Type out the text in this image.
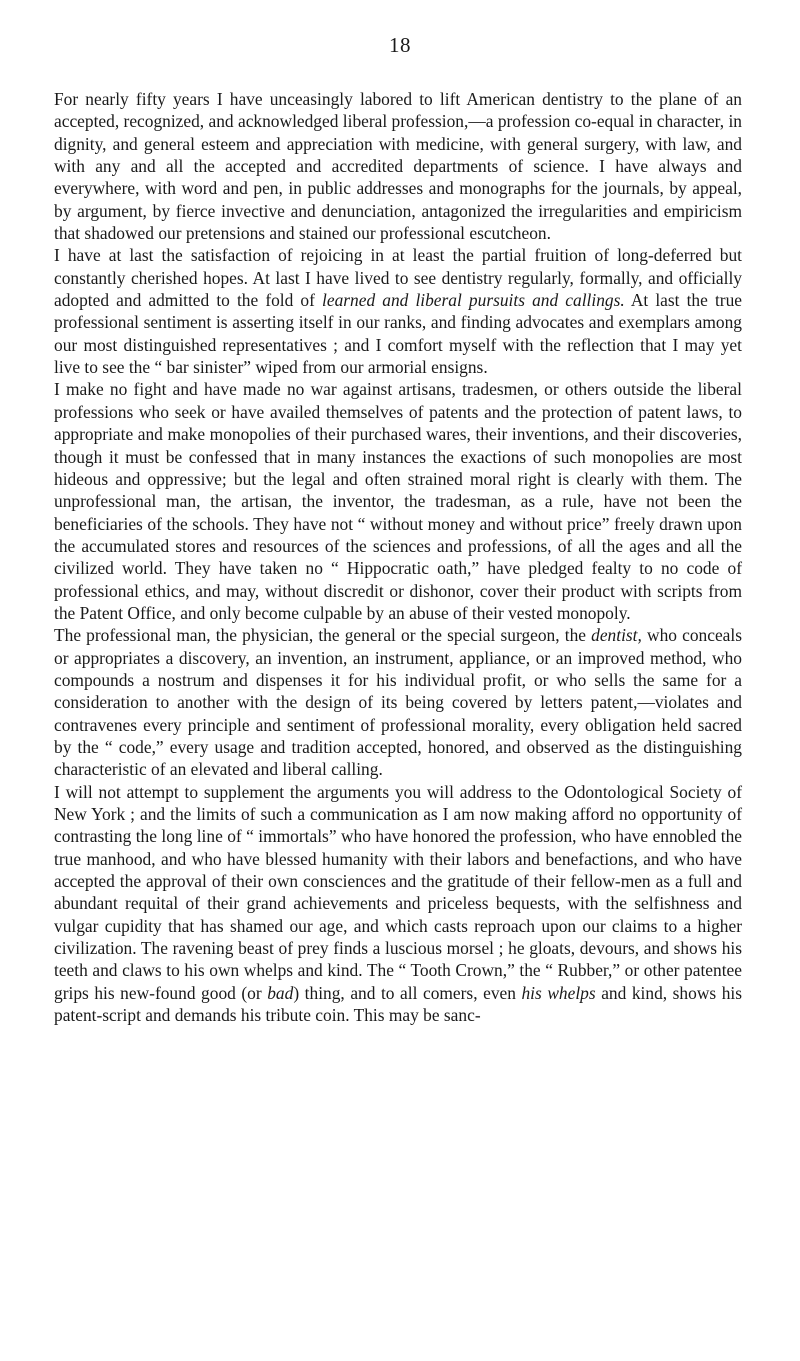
18

For nearly fifty years I have unceasingly labored to lift American dentistry to the plane of an accepted, recognized, and acknowledged liberal profession,—a profession co-equal in character, in dignity, and general esteem and appreciation with medicine, with general surgery, with law, and with any and all the accepted and accredited departments of science. I have always and everywhere, with word and pen, in public addresses and monographs for the journals, by appeal, by argument, by fierce invective and denunciation, antagonized the irregularities and empiricism that shadowed our pretensions and stained our professional escutcheon.

I have at last the satisfaction of rejoicing in at least the partial fruition of long-deferred but constantly cherished hopes. At last I have lived to see dentistry regularly, formally, and officially adopted and admitted to the fold of learned and liberal pursuits and callings. At last the true professional sentiment is asserting itself in our ranks, and finding advocates and exemplars among our most distinguished representatives ; and I comfort myself with the reflection that I may yet live to see the “ bar sinister” wiped from our armorial ensigns.

I make no fight and have made no war against artisans, tradesmen, or others outside the liberal professions who seek or have availed themselves of patents and the protection of patent laws, to appropriate and make monopolies of their purchased wares, their inventions, and their discoveries, though it must be confessed that in many instances the exactions of such monopolies are most hideous and oppressive; but the legal and often strained moral right is clearly with them. The unprofessional man, the artisan, the inventor, the tradesman, as a rule, have not been the beneficiaries of the schools. They have not “ without money and without price” freely drawn upon the accumulated stores and resources of the sciences and professions, of all the ages and all the civilized world. They have taken no “ Hippocratic oath,” have pledged fealty to no code of professional ethics, and may, without discredit or dishonor, cover their product with scripts from the Patent Office, and only become culpable by an abuse of their vested monopoly.

The professional man, the physician, the general or the special surgeon, the dentist, who conceals or appropriates a discovery, an invention, an instrument, appliance, or an improved method, who compounds a nostrum and dispenses it for his individual profit, or who sells the same for a consideration to another with the design of its being covered by letters patent,—violates and contravenes every principle and sentiment of professional morality, every obligation held sacred by the “ code,” every usage and tradition accepted, honored, and observed as the distinguishing characteristic of an elevated and liberal calling.

I will not attempt to supplement the arguments you will address to the Odontological Society of New York ; and the limits of such a communication as I am now making afford no opportunity of contrasting the long line of “ immortals” who have honored the profession, who have ennobled the true manhood, and who have blessed humanity with their labors and benefactions, and who have accepted the approval of their own consciences and the gratitude of their fellow-men as a full and abundant requital of their grand achievements and priceless bequests, with the selfishness and vulgar cupidity that has shamed our age, and which casts reproach upon our claims to a higher civilization. The ravening beast of prey finds a luscious morsel ; he gloats, devours, and shows his teeth and claws to his own whelps and kind. The “ Tooth Crown,” the “ Rubber,” or other patentee grips his new-found good (or bad) thing, and to all comers, even his whelps and kind, shows his patent-script and demands his tribute coin. This may be sanc-
